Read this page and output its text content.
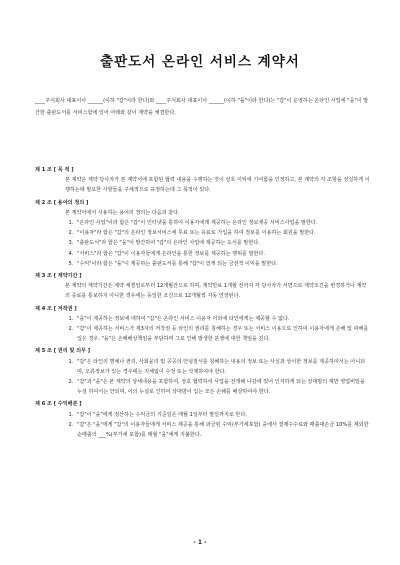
출판도서 온라인 서비스 계약서
____주식회사 대표이사 ______(이하 "갑"이라 한다)와 ____주식회사 대표이사 ______(이하 "을"이라 한다)는 "갑"이 운영하는 온라인 사업에 "을"이 발간한 출판도서를 서비스함에 있어 아래와 같이 계약을 체결한다.
제 1 조 [ 목 적 ]
본 계약은 계약 당사자가 본 계약서에 포함된 협력 내용을 수행하는 것이 상호 이익에 기여함을 인정하고, 본 계약의 각 조항을 성실하게 이행하는데 필요한 사항들을 구체적으로 규정하는데 그 목적이 있다.
제 2 조 [ 용어의 정의 ]
본 계약서에서 사용하는 용어의 정의는 다음과 같다.
1. "온라인 사업"이라 함은 "갑"이 인터넷을 통하여 이용자에게 제공하는 온라인 정보제공 서비스사업을 말한다.
2. "이용자"라 함은 "갑"의 온라인 정보서비스에 무료 또는 유료로 가입을 하여 정보를 이용하는 회원을 말한다.
3. "출판도서"라 함은 "을"이 발간하여 "갑"의 온라인 사업에 제공하는 도서를 말한다.
4. "서비스"라 함은 "갑"이 이용자들에게 온라인을 통한 정보를 제공하는 행위를 말한다.
5. "수익"이라 함은 "을"이 제공하는 출판도서를 통해 "갑"이 얻게 되는 금전적 이익을 말한다.
제 3 조 [ 계약기간 ]
본 계약의 계약기간은 계약 체결일로부터 12개월간으로 하며, 계약만료 1개월 전까지 각 당사자가 서면으로 계약조건을 변경하거나 계약의 종료를 통보하지 아니한 경우에는 동일한 조건으로 12개월씩 자동 연장된다.
제 4 조 [ 저작권 ]
1. "을"이 제공하는 정보에 대하여 "갑"은 온라인 서비스 이용자 이외에 타인에게는 제공할 수 없다.
2. "갑"이 제공하는 서비스가 제3자의 저작권 등 타인의 권리를 침해하는 경우 또는 서비스 이용으로 인하여 이용자에게 손해 및 피해를 입은 경우, "을"은 손해배상책임을 부담하며 그로 인해 발생한 분쟁에 대한 책임을 진다.
제 5 조 [ 권리 및 의무 ]
1. "갑"은 타인의 명예나 권리, 사회윤리 및 공공의 안녕질서를 침해하는 내용의 정보 또는 사실과 상이한 정보를 제공하여서는 아니되며, 오류정보가 있는 경우에는 지체없이 수정 또는 삭제하여야 한다.
2. "갑"과 "을"은 본 계약의 상세내용을 포함하여, 상호 협력하여 사업을 전개해 나감에 있어 인지하게 되는 상대방의 제반 영업비밀을 누설 하여서는 안되며, 이의 누설로 인하여 상대방이 입는 모든 손해를 배상하여야 한다.
제 6 조 [ 수익배분 ]
1. "갑"이 "을"에게 정산하는 수익금의 기준일은 매월 1일부터 말일까지로 한다.
2. "갑"은 "을"에게 "갑"의 이용자들에게 서비스 제공을 통해 과금된 수익(부가세포함) 중에서 결제수수료와 매출대손금 10%를 제외한 순매출의 ___%(부가세 포함)를 매월 "을"에게 지불한다.
- 1 -
